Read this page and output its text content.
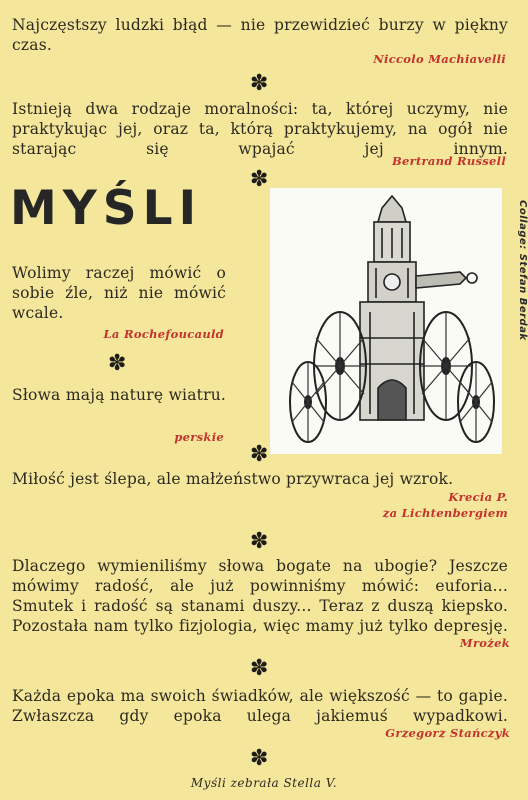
Najczęstszy ludzki błąd — nie przewidzieć burzy w piękny czas.

Niccolo Machiavelli
✽

Istnieją dwa rodzaje moralności: ta, której uczymy, nie praktykując jej, oraz ta, którą praktykujemy, na ogół nie starając się wpajać jej innym.

Bertrand Russell
✽
MYŚLI	Collage: Stefan Berdak

Wolimy raczej mówić o sobie źle, niż nie mówić wcale.

La Rochefoucauld
✽

Słowa mają naturę wiatru.

perskie
✽

Miłość jest ślepa, ale małżeństwo przywraca jej wzrok.

Krecia P.
za Lichtenbergiem
✽

Dlaczego wymieniliśmy słowa bogate na ubogie? Jeszcze mówimy radość, ale już powinniśmy mówić: euforia... Smutek i radość są stanami duszy... Teraz z duszą kiepsko. Pozostała nam tylko fizjologia, więc mamy już tylko depresję.

Mrożek
✽

Każda epoka ma swoich świadków, ale większość — to gapie. Zwłaszcza gdy epoka ulega jakiemuś wypadkowi.

Grzegorz Stańczyk
✽
Myśli zebrała Stella V.
